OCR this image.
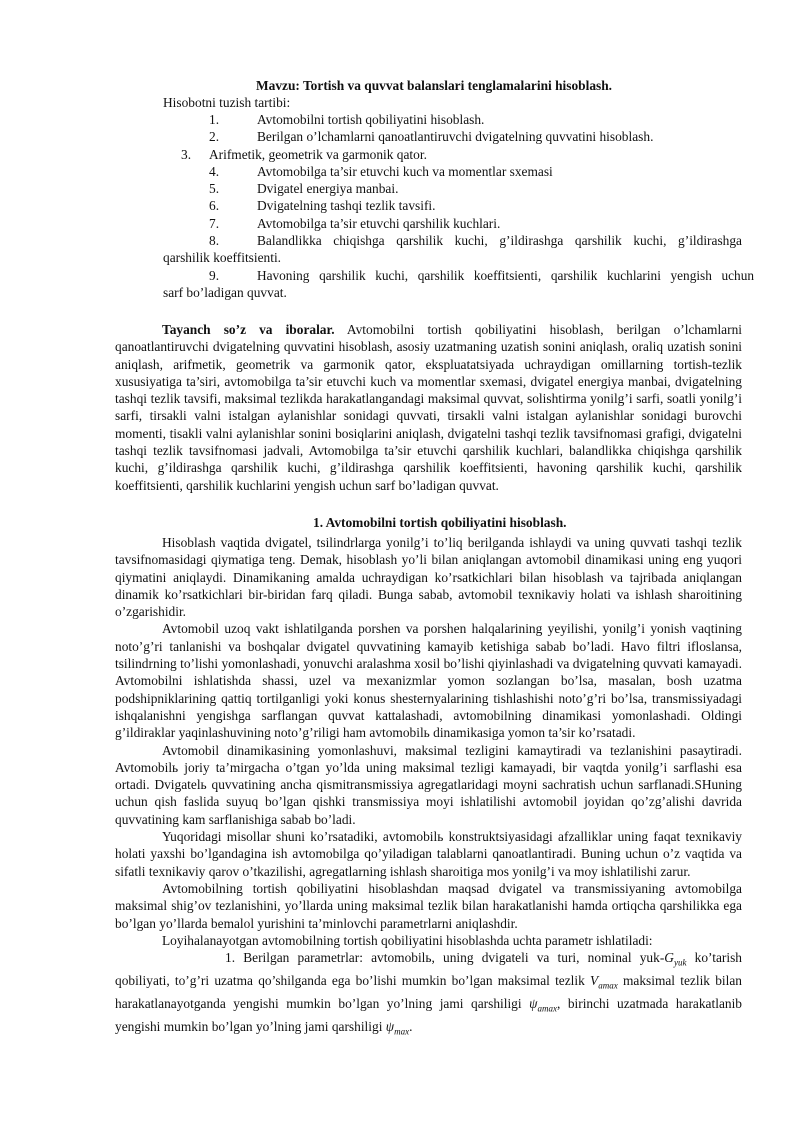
Mavzu: Tortish va quvvat balanslari tenglamalarini hisoblash.
Hisobotni tuzish tartibi:
1.	Avtomobilni tortish qobiliyatini hisoblash.
2.	Berilgan o’lchamlarni qanoatlantiruvchi dvigatelning quvvatini hisoblash.
3. Arifmetik, geometrik va garmonik qator.
4.	Avtomobilga ta’sir etuvchi kuch va momentlar sxemasi
5.	Dvigatel energiya manbai.
6.	Dvigatelning tashqi tezlik tavsifi.
7.	Avtomobilga ta’sir etuvchi qarshilik kuchlari.
8.	Balandlikka chiqishga qarshilik kuchi, g’ildirashga qarshilik kuchi, g’ildirashga
qarshilik koeffitsienti.
9.	Havoning qarshilik kuchi, qarshilik koeffitsienti, qarshilik kuchlarini yengish uchun
sarf bo’ladigan quvvat.

Tayanch so’z va iboralar. Avtomobilni tortish qobiliyatini hisoblash, berilgan o’lchamlarni qanoatlantiruvchi dvigatelning quvvatini hisoblash, asosiy uzatmaning uzatish sonini aniqlash, oraliq uzatish sonini aniqlash, arifmetik, geometrik va garmonik qator, ekspluatatsiyada uchraydigan omillarning tortish-tezlik xususiyatiga ta’siri, avtomobilga ta’sir etuvchi kuch va momentlar sxemasi, dvigatel energiya manbai, dvigatelning tashqi tezlik tavsifi, maksimal tezlikda harakatlangandagi maksimal quvvat, solishtirma yonilg’i sarfi, soatli yonilg’i sarfi, tirsakli valni istalgan aylanishlar sonidagi quvvati, tirsakli valni istalgan aylanishlar sonidagi burovchi momenti, tisakli valni aylanishlar sonini bosiqlarini aniqlash, dvigatelni tashqi tezlik tavsifnomasi grafigi, dvigatelni tashqi tezlik tavsifnomasi jadvali, Avtomobilga ta’sir etuvchi qarshilik kuchlari, balandlikka chiqishga qarshilik kuchi, g’ildirashga qarshilik kuchi, g’ildirashga qarshilik koeffitsienti, havoning qarshilik kuchi, qarshilik koeffitsienti, qarshilik kuchlarini yengish uchun sarf bo’ladigan quvvat.

1. Avtomobilni tortish qobiliyatini hisoblash.

Hisoblash vaqtida dvigatel, tsilindrlarga yonilg’i to’liq berilganda ishlaydi va uning quvvati tashqi tezlik tavsifnomasidagi qiymatiga teng. Demak, hisoblash yo’li bilan aniqlangan avtomobil dinamikasi uning eng yuqori qiymatini aniqlaydi. Dinamikaning amalda uchraydigan ko’rsatkichlari bilan hisoblash va tajribada aniqlangan dinamik ko’rsatkichlari bir-biridan farq qiladi. Bunga sabab, avtomobil texnikaviy holati va ishlash sharoitining o’zgarishidir.

Avtomobil uzoq vakt ishlatilganda porshen va porshen halqalarining yeyilishi, yonilg’i yonish vaqtining noto’g’ri tanlanishi va boshqalar dvigatel quvvatining kamayib ketishiga sabab bo’ladi. Havo filtri ifloslansa, tsilindrning to’lishi yomonlashadi, yonuvchi aralashma xosil bo’lishi qiyinlashadi va dvigatelning quvvati kamayadi. Avtomobilni ishlatishda shassi, uzel va mexanizmlar yomon sozlangan bo’lsa, masalan, bosh uzatma podshipniklarining qattiq tortilganligi yoki konus shesternyalarining tishlashishi noto’g’ri bo’lsa, transmissiyadagi ishqalanishni yengishga sarflangan quvvat kattalashadi, avtomobilning dinamikasi yomonlashadi. Oldingi g’ildiraklar yaqinlashuvining noto’g’riligi ham avtomobilь dinamikasiga yomon ta’sir ko’rsatadi.

Avtomobil dinamikasining yomonlashuvi, maksimal tezligini kamaytiradi va tezlanishini pasaytiradi. Avtomobilь joriy ta’mirgacha o’tgan yo’lda uning maksimal tezligi kamayadi, bir vaqtda yonilg’i sarflashi esa ortadi. Dvigatelь quvvatining ancha qismitransmissiya agregatlaridagi moyni sachratish uchun sarflanadi.SHuning uchun qish faslida suyuq bo’lgan qishki transmissiya moyi ishlatilishi avtomobil joyidan qo’zg’alishi davrida quvvatining kam sarflanishiga sabab bo’ladi.

Yuqoridagi misollar shuni ko’rsatadiki, avtomobilь konstruktsiyasidagi afzalliklar uning faqat texnikaviy holati yaxshi bo’lgandagina ish avtomobilga qo’yiladigan talablarni qanoatlantiradi. Buning uchun o’z vaqtida va sifatli texnikaviy qarov o’tkazilishi, agregatlarning ishlash sharoitiga mos yonilg’i va moy ishlatilishi zarur.

Avtomobilning tortish qobiliyatini hisoblashdan maqsad dvigatel va transmissiyaning avtomobilga maksimal shig’ov tezlanishini, yo’llarda uning maksimal tezlik bilan harakatlanishi hamda ortiqcha qarshilikka ega bo’lgan yo’llarda bemalol yurishini ta’minlovchi parametrlarni aniqlashdir.

Loyihalanayotgan avtomobilning tortish qobiliyatini hisoblashda uchta parametr ishlatiladi:

1. Berilgan parametrlar: avtomobilь, uning dvigateli va turi, nominal yuk-$G_{yuk}$ ko’tarish qobiliyati, to’g’ri uzatma qo’shilganda ega bo’lishi mumkin bo’lgan maksimal tezlik $V_{amax}$ maksimal tezlik bilan harakatlanayotganda yengishi mumkin bo’lgan yo’lning jami qarshiligi $\psi_{amax}$, birinchi uzatmada harakatlanib yengishi mumkin bo’lgan yo’lning jami qarshiligi $\psi_{max}$.
